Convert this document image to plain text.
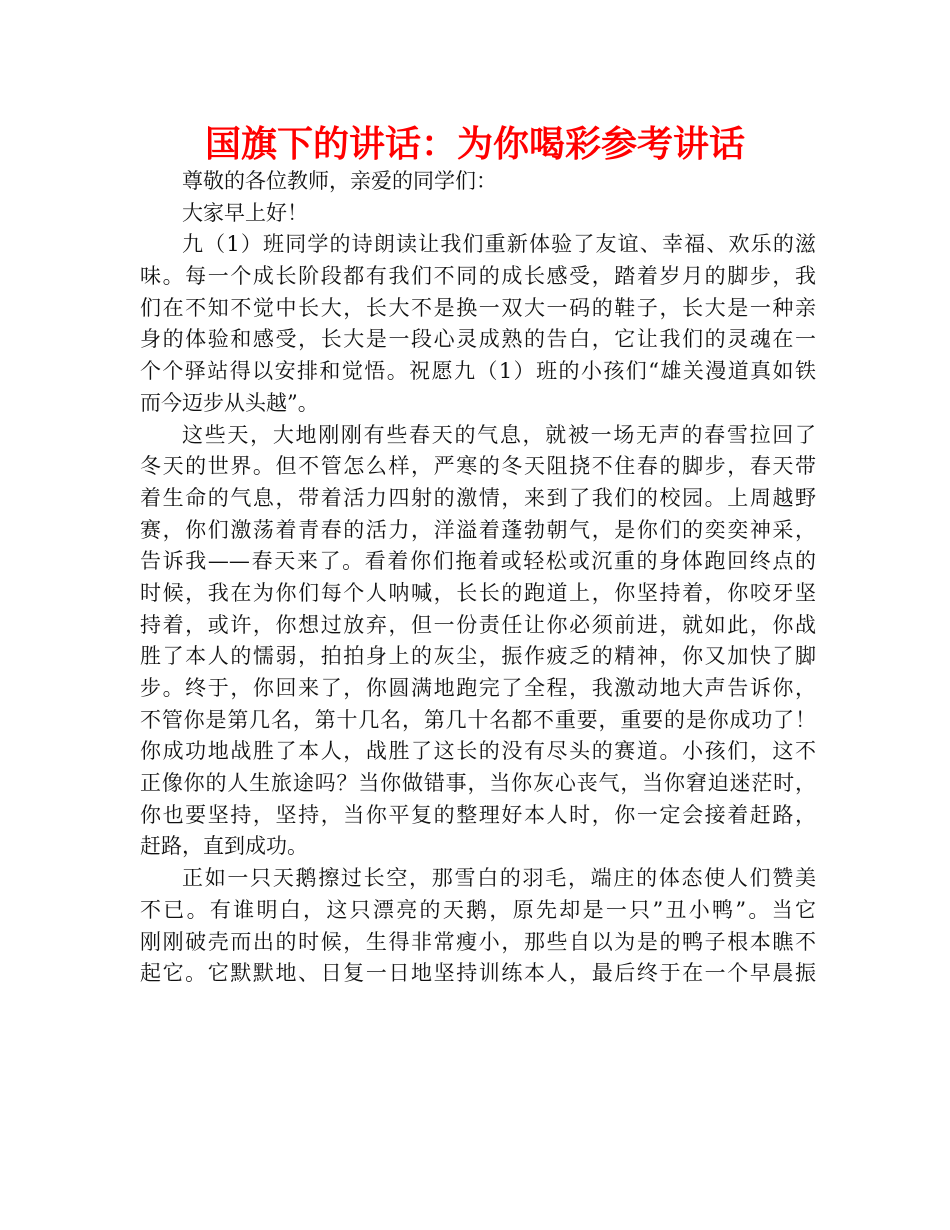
国旗下的讲话：为你喝彩参考讲话
尊敬的各位教师，亲爱的同学们：
大家早上好！
九（1）班同学的诗朗读让我们重新体验了友谊、幸福、欢乐的滋
味。每一个成长阶段都有我们不同的成长感受，踏着岁月的脚步，我
们在不知不觉中长大，长大不是换一双大一码的鞋子，长大是一种亲
身的体验和感受，长大是一段心灵成熟的告白，它让我们的灵魂在一
个个驿站得以安排和觉悟。祝愿九（1）班的小孩们“雄关漫道真如铁
而今迈步从头越”。
这些天，大地刚刚有些春天的气息，就被一场无声的春雪拉回了
冬天的世界。但不管怎么样，严寒的冬天阻挠不住春的脚步，春天带
着生命的气息，带着活力四射的激情，来到了我们的校园。上周越野
赛，你们激荡着青春的活力，洋溢着蓬勃朝气，是你们的奕奕神采，
告诉我——春天来了。看着你们拖着或轻松或沉重的身体跑回终点的
时候，我在为你们每个人呐喊，长长的跑道上，你坚持着，你咬牙坚
持着，或许，你想过放弃，但一份责任让你必须前进，就如此，你战
胜了本人的懦弱，拍拍身上的灰尘，振作疲乏的精神，你又加快了脚
步。终于，你回来了，你圆满地跑完了全程，我激动地大声告诉你，
不管你是第几名，第十几名，第几十名都不重要，重要的是你成功了！
你成功地战胜了本人，战胜了这长的没有尽头的赛道。小孩们，这不
正像你的人生旅途吗？当你做错事，当你灰心丧气，当你窘迫迷茫时，
你也要坚持，坚持，当你平复的整理好本人时，你一定会接着赶路，
赶路，直到成功。
正如一只天鹅擦过长空，那雪白的羽毛，端庄的体态使人们赞美
不已。有谁明白，这只漂亮的天鹅，原先却是一只”丑小鸭”。当它
刚刚破壳而出的时候，生得非常瘦小，那些自以为是的鸭子根本瞧不
起它。它默默地、日复一日地坚持训练本人，最后终于在一个早晨振
